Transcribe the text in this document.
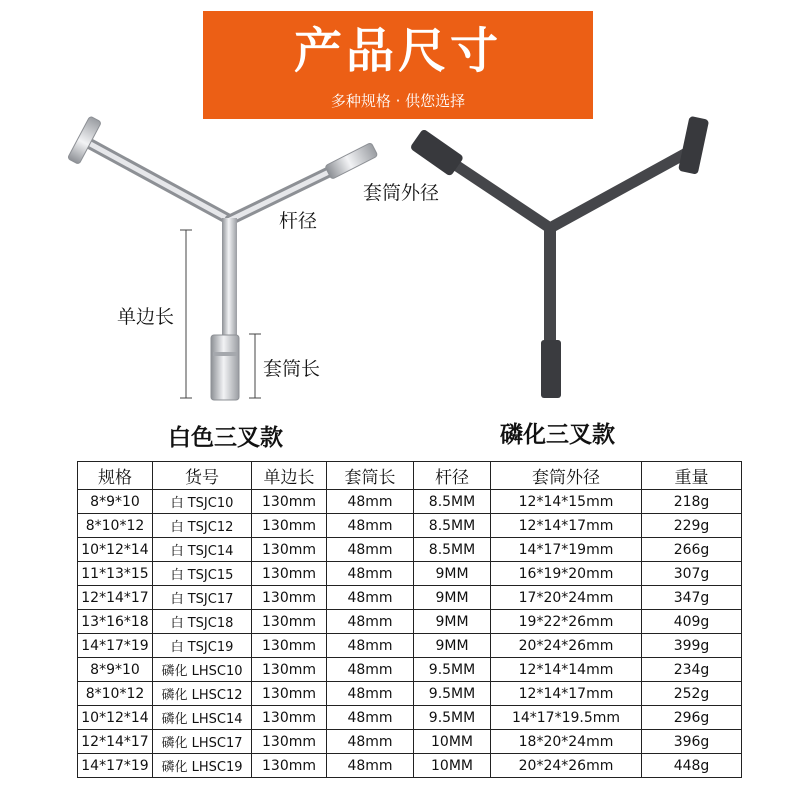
产品尺寸
多种规格 · 供您选择
杆径
套筒外径
单边长
套筒长
白色三叉款	磷化三叉款
规格	货号	单边长	套筒长	杆径	套筒外径	重量
8*9*10	白 TSJC10	130mm	48mm	8.5MM	12*14*15mm	218g
8*10*12	白 TSJC12	130mm	48mm	8.5MM	12*14*17mm	229g
10*12*14	白 TSJC14	130mm	48mm	8.5MM	14*17*19mm	266g
11*13*15	白 TSJC15	130mm	48mm	9MM	16*19*20mm	307g
12*14*17	白 TSJC17	130mm	48mm	9MM	17*20*24mm	347g
13*16*18	白 TSJC18	130mm	48mm	9MM	19*22*26mm	409g
14*17*19	白 TSJC19	130mm	48mm	9MM	20*24*26mm	399g
8*9*10	磷化 LHSC10	130mm	48mm	9.5MM	12*14*14mm	234g
8*10*12	磷化 LHSC12	130mm	48mm	9.5MM	12*14*17mm	252g
10*12*14	磷化 LHSC14	130mm	48mm	9.5MM	14*17*19.5mm	296g
12*14*17	磷化 LHSC17	130mm	48mm	10MM	18*20*24mm	396g
14*17*19	磷化 LHSC19	130mm	48mm	10MM	20*24*26mm	448g
